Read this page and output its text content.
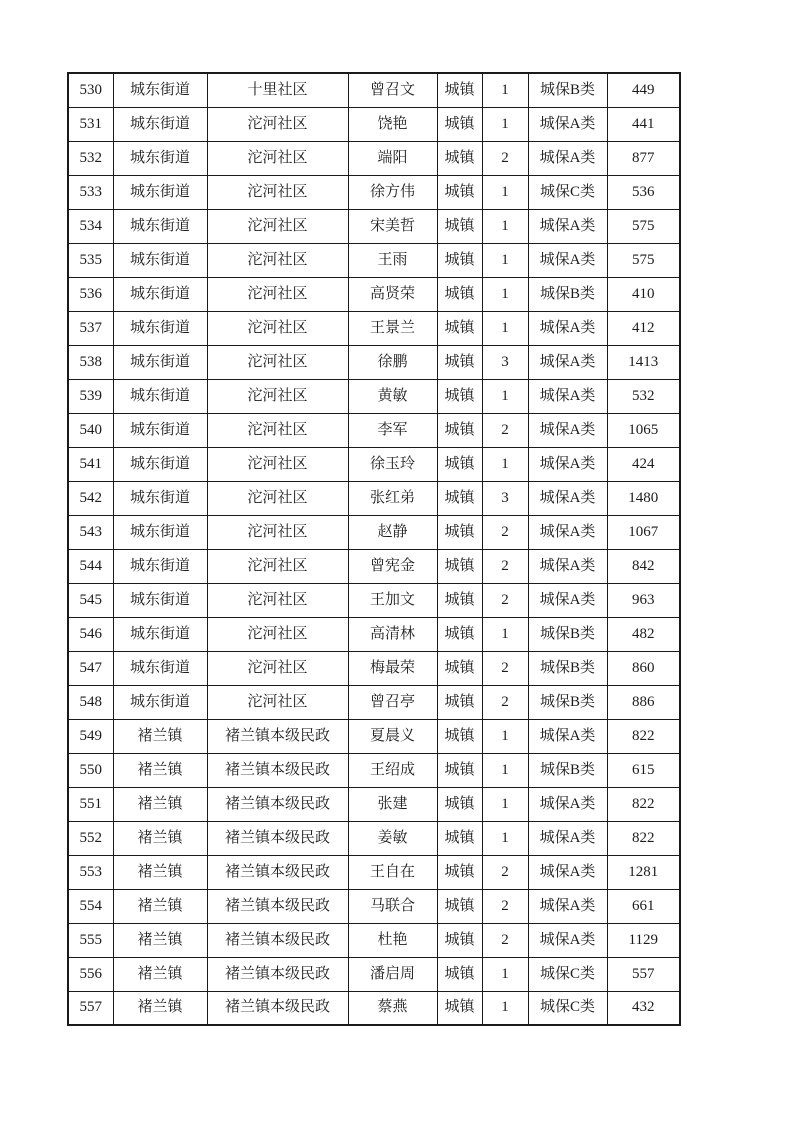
530	城东街道	十里社区	曾召文	城镇	1	城保B类	449
531	城东街道	沱河社区	饶艳	城镇	1	城保A类	441
532	城东街道	沱河社区	端阳	城镇	2	城保A类	877
533	城东街道	沱河社区	徐方伟	城镇	1	城保C类	536
534	城东街道	沱河社区	宋美哲	城镇	1	城保A类	575
535	城东街道	沱河社区	王雨	城镇	1	城保A类	575
536	城东街道	沱河社区	高贤荣	城镇	1	城保B类	410
537	城东街道	沱河社区	王景兰	城镇	1	城保A类	412
538	城东街道	沱河社区	徐鹏	城镇	3	城保A类	1413
539	城东街道	沱河社区	黄敏	城镇	1	城保A类	532
540	城东街道	沱河社区	李军	城镇	2	城保A类	1065
541	城东街道	沱河社区	徐玉玲	城镇	1	城保A类	424
542	城东街道	沱河社区	张红弟	城镇	3	城保A类	1480
543	城东街道	沱河社区	赵静	城镇	2	城保A类	1067
544	城东街道	沱河社区	曾宪金	城镇	2	城保A类	842
545	城东街道	沱河社区	王加文	城镇	2	城保A类	963
546	城东街道	沱河社区	高清林	城镇	1	城保B类	482
547	城东街道	沱河社区	梅最荣	城镇	2	城保B类	860
548	城东街道	沱河社区	曾召亭	城镇	2	城保B类	886
549	褚兰镇	褚兰镇本级民政	夏晨义	城镇	1	城保A类	822
550	褚兰镇	褚兰镇本级民政	王绍成	城镇	1	城保B类	615
551	褚兰镇	褚兰镇本级民政	张建	城镇	1	城保A类	822
552	褚兰镇	褚兰镇本级民政	姜敏	城镇	1	城保A类	822
553	褚兰镇	褚兰镇本级民政	王自在	城镇	2	城保A类	1281
554	褚兰镇	褚兰镇本级民政	马联合	城镇	2	城保A类	661
555	褚兰镇	褚兰镇本级民政	杜艳	城镇	2	城保A类	1129
556	褚兰镇	褚兰镇本级民政	潘启周	城镇	1	城保C类	557
557	褚兰镇	褚兰镇本级民政	蔡燕	城镇	1	城保C类	432
